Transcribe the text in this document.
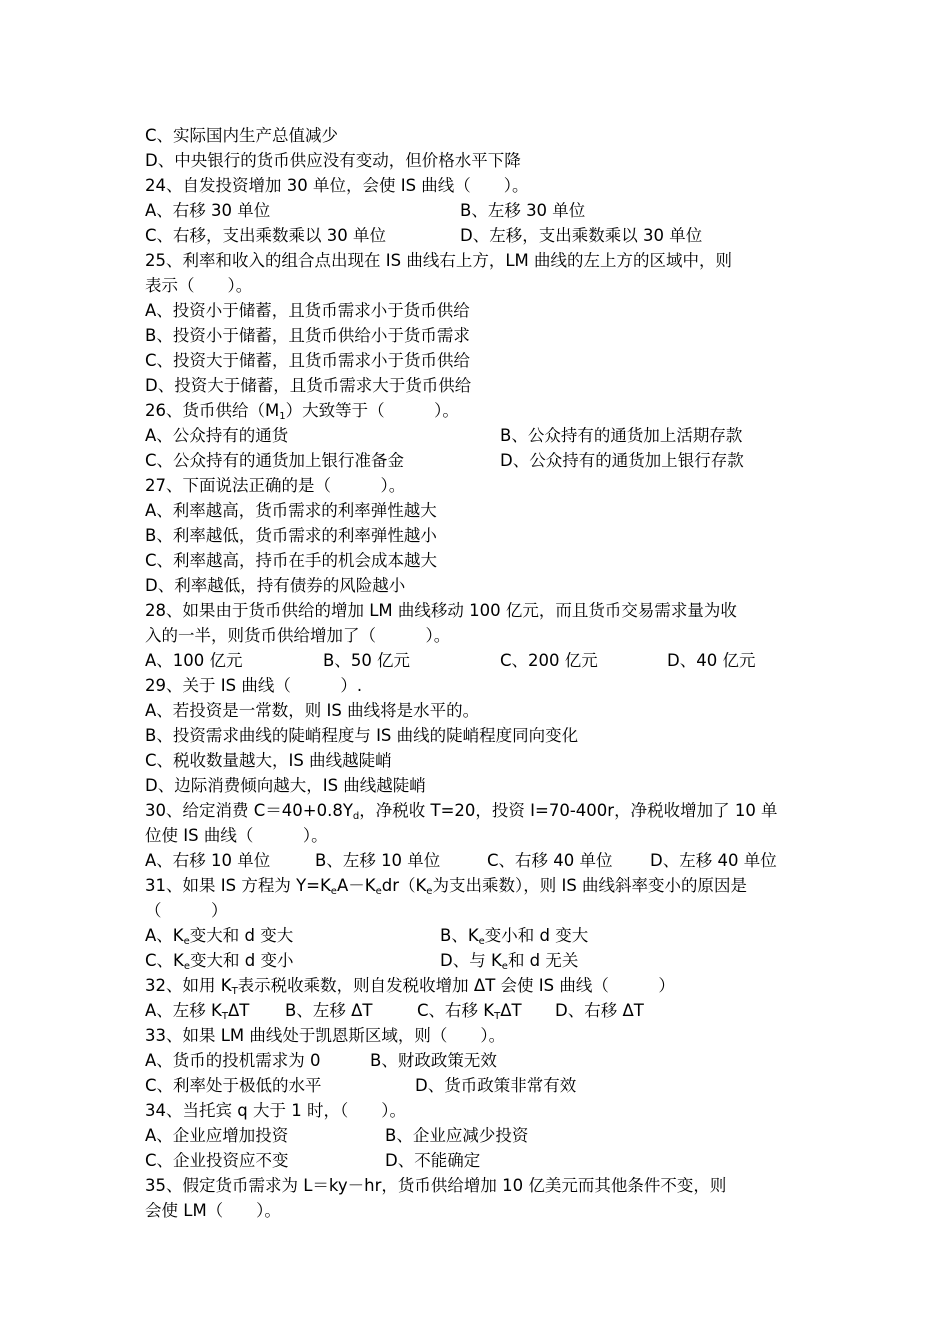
C、实际国内生产总值减少
D、中央银行的货币供应没有变动，但价格水平下降
24、自发投资增加 30 单位，会使 IS 曲线（　　）。
A、右移 30 单位	B、左移 30 单位
C、右移，支出乘数乘以 30 单位	D、左移，支出乘数乘以 30 单位
25、利率和收入的组合点出现在 IS 曲线右上方，LM 曲线的左上方的区域中，则
表示（　　）。
A、投资小于储蓄，且货币需求小于货币供给
B、投资小于储蓄，且货币供给小于货币需求
C、投资大于储蓄，且货币需求小于货币供给
D、投资大于储蓄，且货币需求大于货币供给
26、货币供给$(M_1)$大致等于（　　　）。
A、公众持有的通货	B、公众持有的通货加上活期存款
C、公众持有的通货加上银行准备金	D、公众持有的通货加上银行存款
27、下面说法正确的是（　　　）。
A、利率越高，货币需求的利率弹性越大
B、利率越低，货币需求的利率弹性越小
C、利率越高，持币在手的机会成本越大
D、利率越低，持有债券的风险越小
28、如果由于货币供给的增加 LM 曲线移动 100 亿元，而且货币交易需求量为收
入的一半，则货币供给增加了（　　　）。
A、100 亿元	B、50 亿元	C、200 亿元	D、40 亿元
29、关于 IS 曲线（　　　）.
A、若投资是一常数，则 IS 曲线将是水平的。
B、投资需求曲线的陡峭程度与 IS 曲线的陡峭程度同向变化
C、税收数量越大，IS 曲线越陡峭
D、边际消费倾向越大，IS 曲线越陡峭
30、给定消费 $C=40+0.8Y_d$，净税收 T=20，投资 I=70-400r，净税收增加了 10 单
位使 IS 曲线（　　　）。
A、右移 10 单位	B、左移 10 单位	C、右移 40 单位 D、左移 40 单位
31、如果 IS 方程为 $Y=K_eA-K_edr(K_e$为支出乘数），则 IS 曲线斜率变小的原因是
（　　　）
A、$K_e$变大和 d 变大	B、$K_e$变小和 d 变大
C、$K_e$变大和 d 变小	D、与 $K_e$和 d 无关
32、如用 $K_T$表示税收乘数，则自发税收增加 ΔT 会使 IS 曲线（　　　）
A、左移 $K_T\Delta T$ B、左移 ΔT	C、右移 $K_T\Delta T$ D、右移 ΔT
33、如果 LM 曲线处于凯恩斯区域，则（　　）。
A、货币的投机需求为 0	B、财政政策无效
C、利率处于极低的水平	D、货币政策非常有效
34、当托宾 q 大于 1 时，（　　）。
A、企业应增加投资	B、企业应减少投资
C、企业投资应不变	D、不能确定
35、假定货币需求为 L＝ky－hr，货币供给增加 10 亿美元而其他条件不变，则
会使 LM（　　）。
